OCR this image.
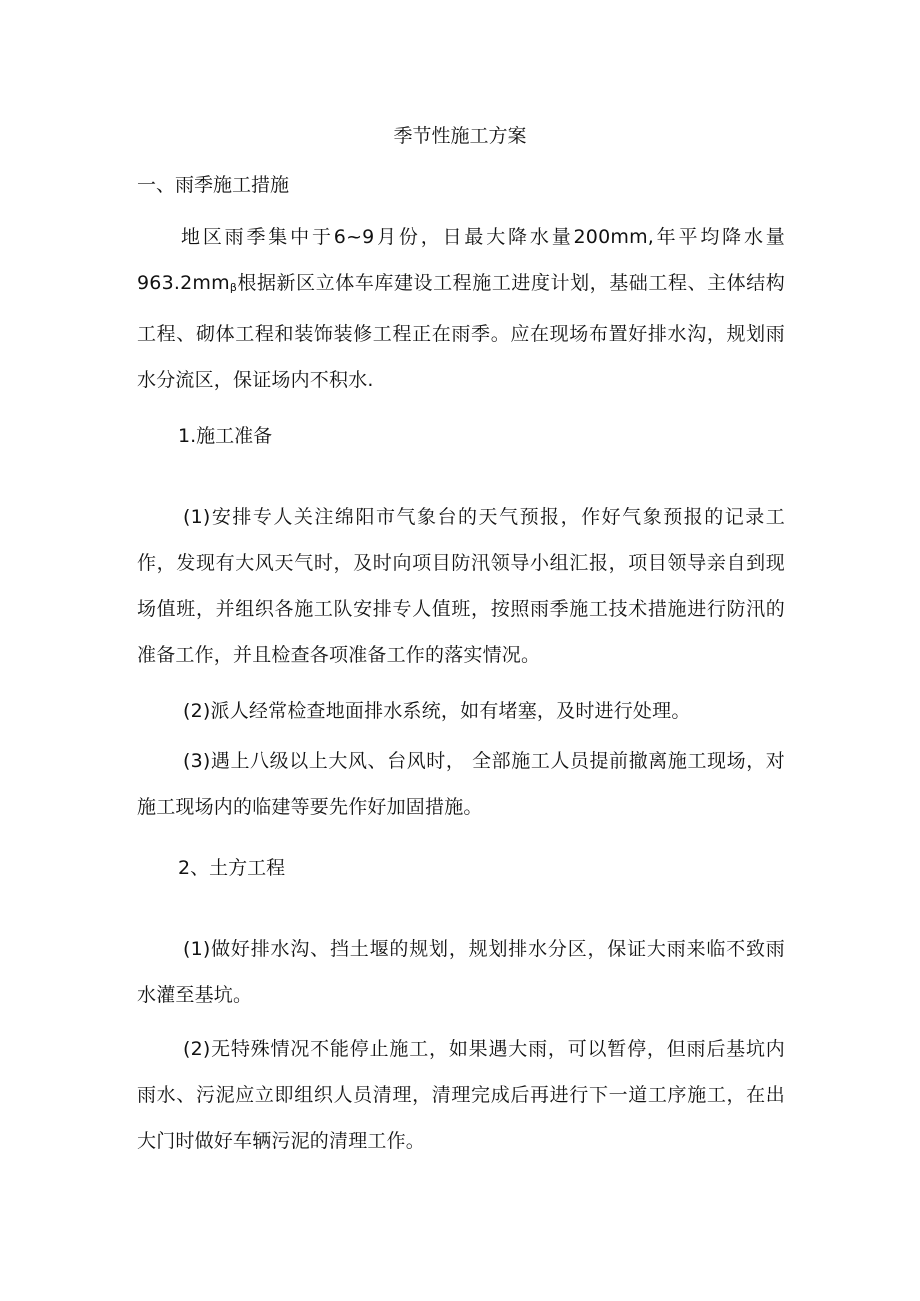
季节性施工方案
一、雨季施工措施

地区雨季集中于6~9月份，日最大降水量200mm,年平均降水量963.2mmβ根据新区立体车库建设工程施工进度计划，基础工程、主体结构工程、砌体工程和装饰装修工程正在雨季。应在现场布置好排水沟，规划雨水分流区，保证场内不积水.

1.施工准备

(1)安排专人关注绵阳市气象台的天气预报，作好气象预报的记录工作，发现有大风天气时，及时向项目防汛领导小组汇报，项目领导亲自到现场值班，并组织各施工队安排专人值班，按照雨季施工技术措施进行防汛的准备工作，并且检查各项准备工作的落实情况。

(2)派人经常检查地面排水系统，如有堵塞，及时进行处理。

(3)遇上八级以上大风、台风时， 全部施工人员提前撤离施工现场，对施工现场内的临建等要先作好加固措施。

2、土方工程

(1)做好排水沟、挡土堰的规划，规划排水分区，保证大雨来临不致雨水灌至基坑。

(2)无特殊情况不能停止施工，如果遇大雨，可以暂停，但雨后基坑内雨水、污泥应立即组织人员清理，清理完成后再进行下一道工序施工，在出大门时做好车辆污泥的清理工作。
